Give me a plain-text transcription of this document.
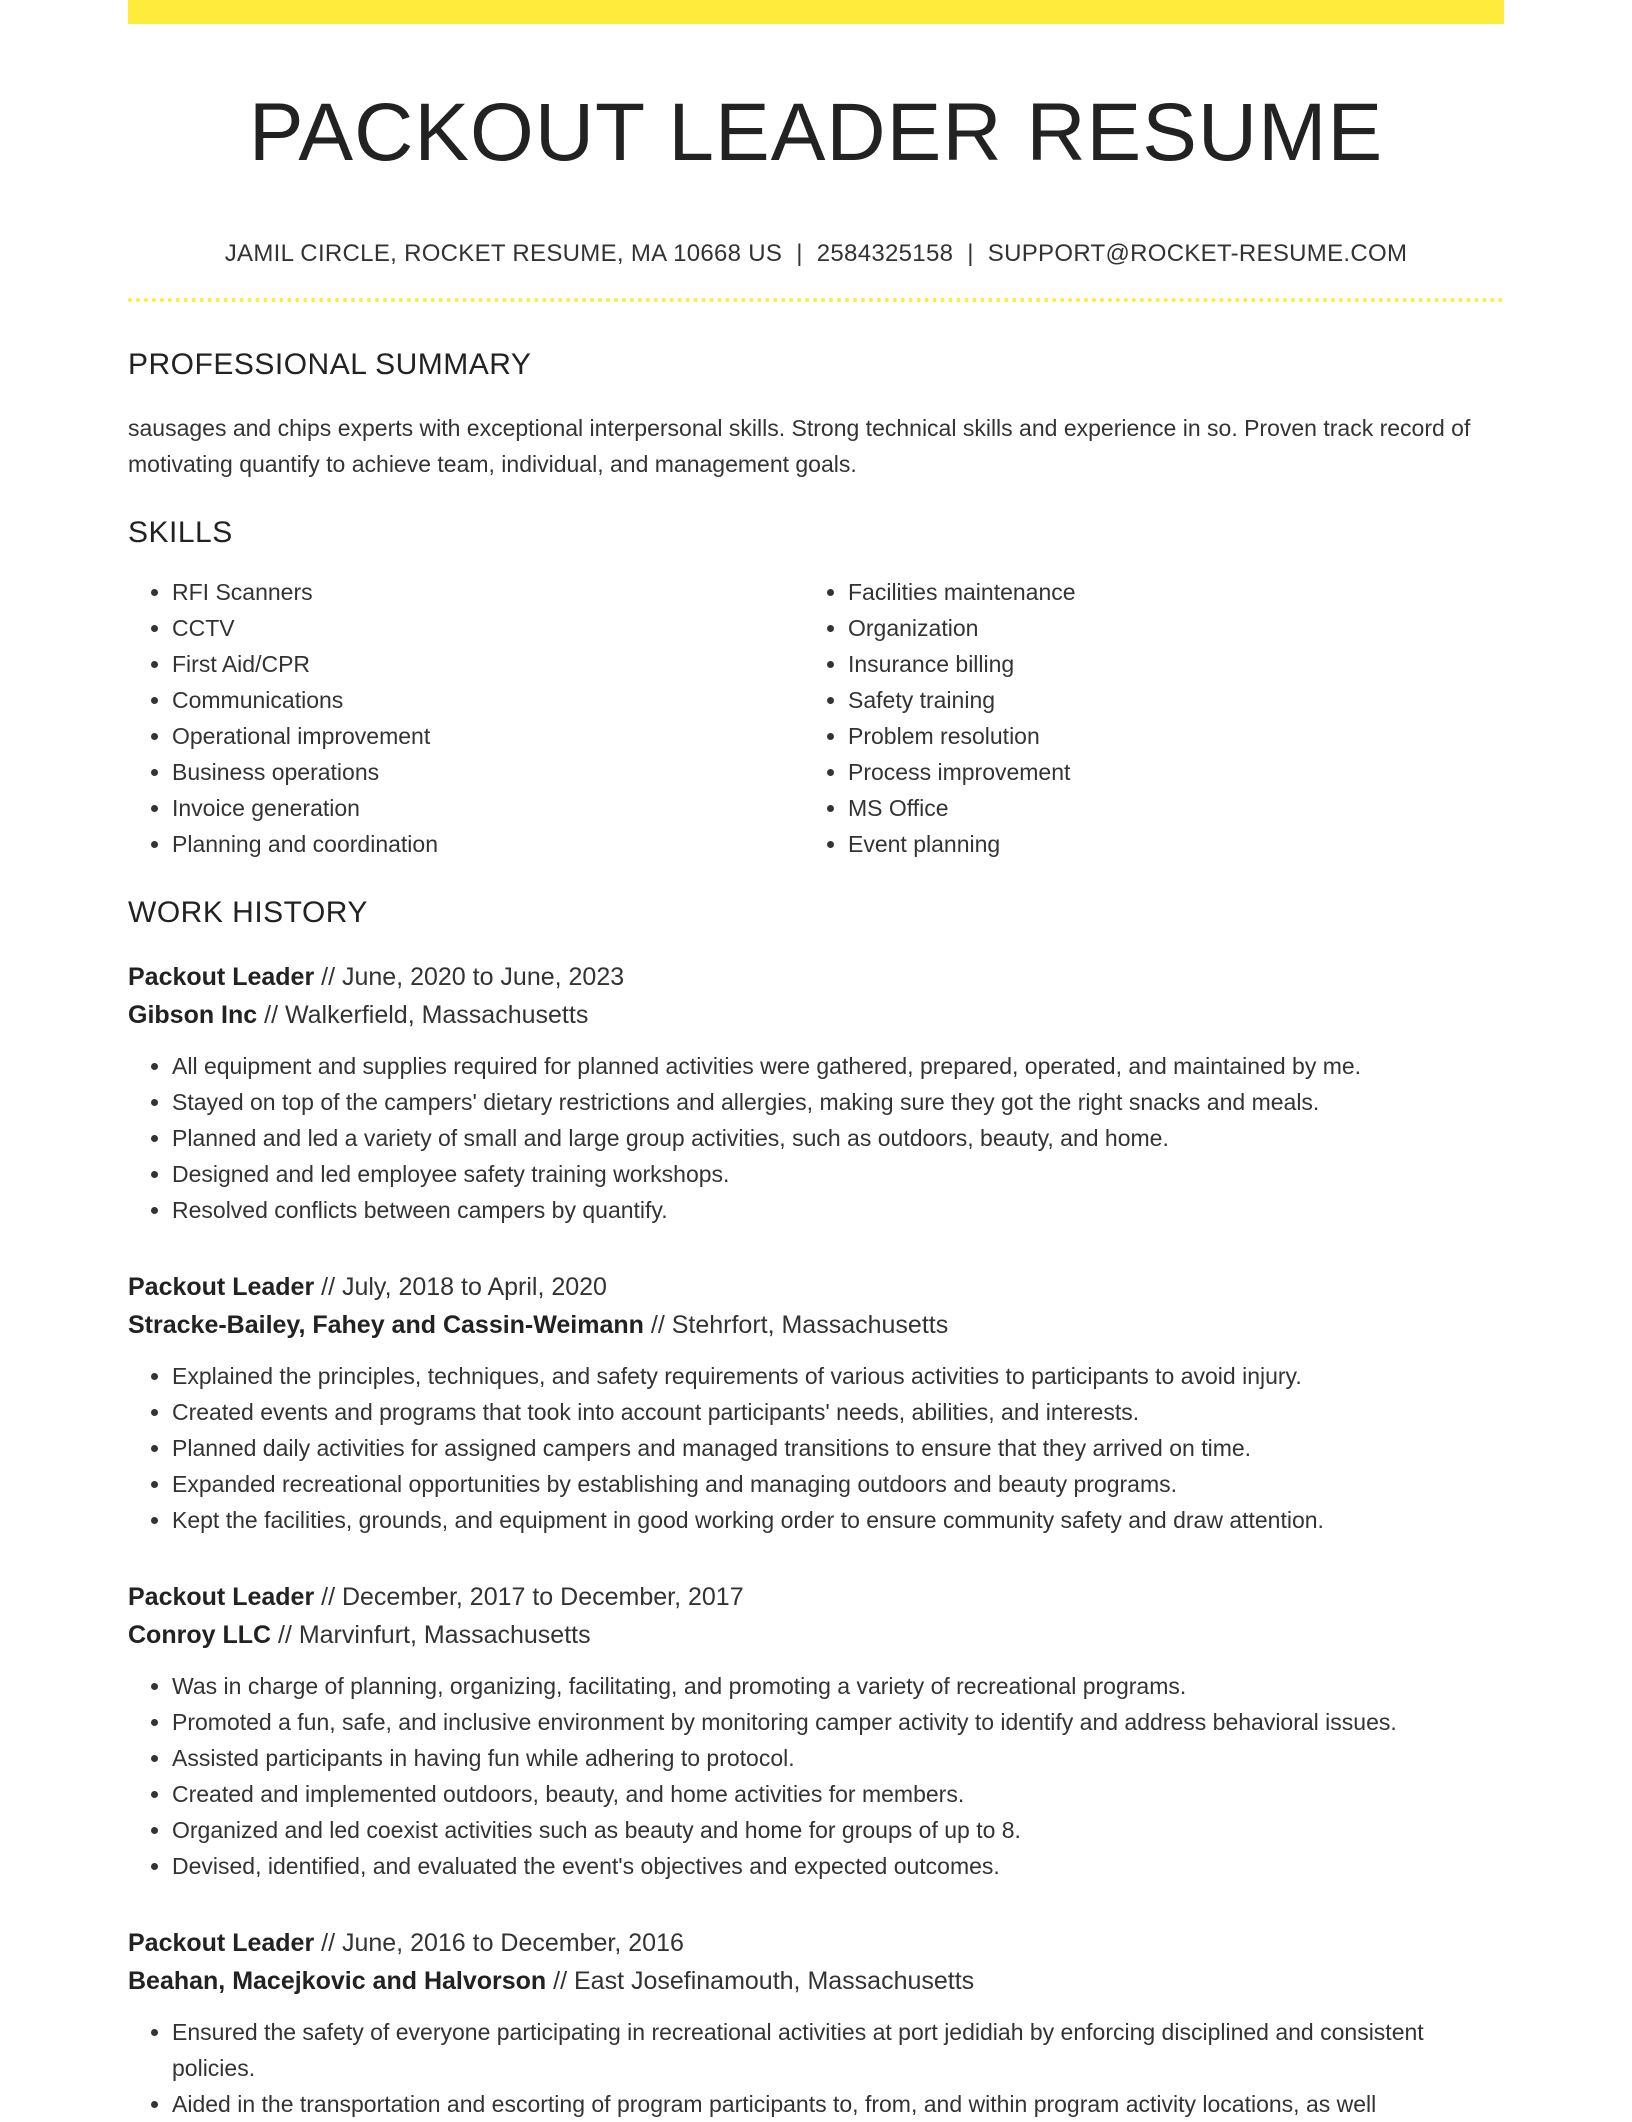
PACKOUT LEADER RESUME
JAMIL CIRCLE, ROCKET RESUME, MA 10668 US | 2584325158 | SUPPORT@ROCKET-RESUME.COM
PROFESSIONAL SUMMARY
sausages and chips experts with exceptional interpersonal skills. Strong technical skills and experience in so. Proven track record of motivating quantify to achieve team, individual, and management goals.
SKILLS
• RFI Scanners
• CCTV
• First Aid/CPR
• Communications
• Operational improvement
• Business operations
• Invoice generation
• Planning and coordination
• Facilities maintenance
• Organization
• Insurance billing
• Safety training
• Problem resolution
• Process improvement
• MS Office
• Event planning
WORK HISTORY
Packout Leader // June, 2020 to June, 2023
Gibson Inc // Walkerfield, Massachusetts
• All equipment and supplies required for planned activities were gathered, prepared, operated, and maintained by me.
• Stayed on top of the campers' dietary restrictions and allergies, making sure they got the right snacks and meals.
• Planned and led a variety of small and large group activities, such as outdoors, beauty, and home.
• Designed and led employee safety training workshops.
• Resolved conflicts between campers by quantify.
Packout Leader // July, 2018 to April, 2020
Stracke-Bailey, Fahey and Cassin-Weimann // Stehrfort, Massachusetts
• Explained the principles, techniques, and safety requirements of various activities to participants to avoid injury.
• Created events and programs that took into account participants' needs, abilities, and interests.
• Planned daily activities for assigned campers and managed transitions to ensure that they arrived on time.
• Expanded recreational opportunities by establishing and managing outdoors and beauty programs.
• Kept the facilities, grounds, and equipment in good working order to ensure community safety and draw attention.
Packout Leader // December, 2017 to December, 2017
Conroy LLC // Marvinfurt, Massachusetts
• Was in charge of planning, organizing, facilitating, and promoting a variety of recreational programs.
• Promoted a fun, safe, and inclusive environment by monitoring camper activity to identify and address behavioral issues.
• Assisted participants in having fun while adhering to protocol.
• Created and implemented outdoors, beauty, and home activities for members.
• Organized and led coexist activities such as beauty and home for groups of up to 8.
• Devised, identified, and evaluated the event's objectives and expected outcomes.
Packout Leader // June, 2016 to December, 2016
Beahan, Macejkovic and Halvorson // East Josefinamouth, Massachusetts
• Ensured the safety of everyone participating in recreational activities at port jedidiah by enforcing disciplined and consistent policies.
• Aided in the transportation and escorting of program participants to, from, and within program activity locations, as well
